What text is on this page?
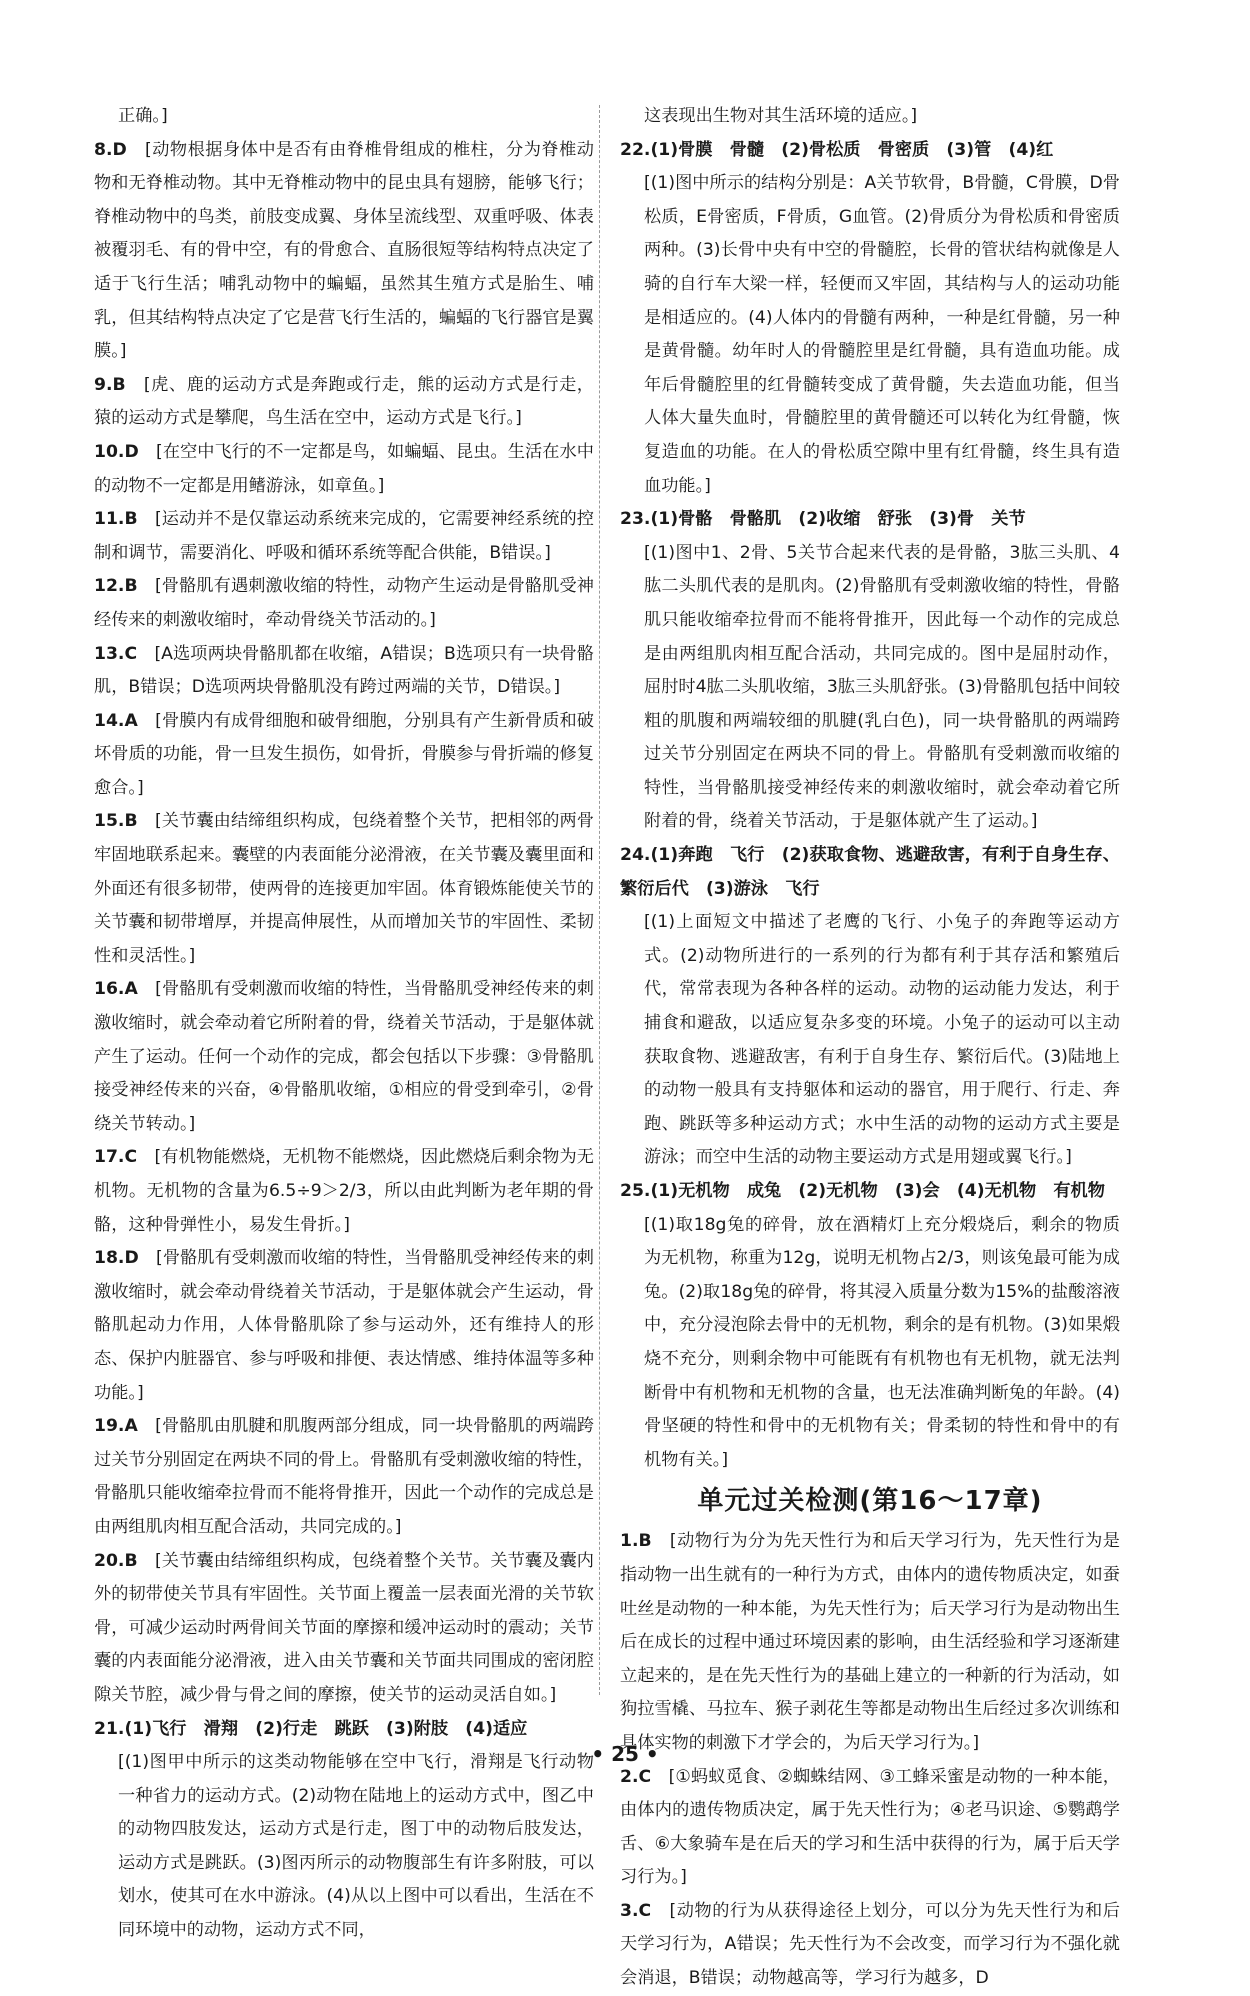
正确。]
8.D　 [动物根据身体中是否有由脊椎骨组成的椎柱，分为脊椎动物和无脊椎动物。其中无脊椎动物中的昆虫具有翅膀，能够飞行；脊椎动物中的鸟类，前肢变成翼、身体呈流线型、双重呼吸、体表被覆羽毛、有的骨中空，有的骨愈合、直肠很短等结构特点决定了适于飞行生活；哺乳动物中的蝙蝠，虽然其生殖方式是胎生、哺乳，但其结构特点决定了它是营飞行生活的，蝙蝠的飞行器官是翼膜。]
9.B　 [虎、鹿的运动方式是奔跑或行走，熊的运动方式是行走，猿的运动方式是攀爬，鸟生活在空中，运动方式是飞行。]
10.D　 [在空中飞行的不一定都是鸟，如蝙蝠、昆虫。生活在水中的动物不一定都是用鳍游泳，如章鱼。]
11.B　 [运动并不是仅靠运动系统来完成的，它需要神经系统的控制和调节，需要消化、呼吸和循环系统等配合供能，B错误。]
12.B　 [骨骼肌有遇刺激收缩的特性，动物产生运动是骨骼肌受神经传来的刺激收缩时，牵动骨绕关节活动的。]
13.C　 [A选项两块骨骼肌都在收缩，A错误；B选项只有一块骨骼肌，B错误；D选项两块骨骼肌没有跨过两端的关节，D错误。]
14.A　 [骨膜内有成骨细胞和破骨细胞，分别具有产生新骨质和破坏骨质的功能，骨一旦发生损伤，如骨折，骨膜参与骨折端的修复愈合。]
15.B　 [关节囊由结缔组织构成，包绕着整个关节，把相邻的两骨牢固地联系起来。囊壁的内表面能分泌滑液，在关节囊及囊里面和外面还有很多韧带，使两骨的连接更加牢固。体育锻炼能使关节的关节囊和韧带增厚，并提高伸展性，从而增加关节的牢固性、柔韧性和灵活性。]
16.A　 [骨骼肌有受刺激而收缩的特性，当骨骼肌受神经传来的刺激收缩时，就会牵动着它所附着的骨，绕着关节活动，于是躯体就产生了运动。任何一个动作的完成，都会包括以下步骤：③骨骼肌接受神经传来的兴奋，④骨骼肌收缩，①相应的骨受到牵引，②骨绕关节转动。]
17.C　 [有机物能燃烧，无机物不能燃烧，因此燃烧后剩余物为无机物。无机物的含量为6.5÷9＞2/3，所以由此判断为老年期的骨骼，这种骨弹性小，易发生骨折。]
18.D　 [骨骼肌有受刺激而收缩的特性，当骨骼肌受神经传来的刺激收缩时，就会牵动骨绕着关节活动，于是躯体就会产生运动，骨骼肌起动力作用，人体骨骼肌除了参与运动外，还有维持人的形态、保护内脏器官、参与呼吸和排便、表达情感、维持体温等多种功能。]
19.A　 [骨骼肌由肌腱和肌腹两部分组成，同一块骨骼肌的两端跨过关节分别固定在两块不同的骨上。骨骼肌有受刺激收缩的特性，骨骼肌只能收缩牵拉骨而不能将骨推开，因此一个动作的完成总是由两组肌肉相互配合活动，共同完成的。]
20.B　 [关节囊由结缔组织构成，包绕着整个关节。关节囊及囊内外的韧带使关节具有牢固性。关节面上覆盖一层表面光滑的关节软骨，可减少运动时两骨间关节面的摩擦和缓冲运动时的震动；关节囊的内表面能分泌滑液，进入由关节囊和关节面共同围成的密闭腔隙关节腔，减少骨与骨之间的摩擦，使关节的运动灵活自如。]
21.(1)飞行　滑翔　(2)行走　跳跃　(3)附肢　(4)适应
[(1)图甲中所示的这类动物能够在空中飞行，滑翔是飞行动物一种省力的运动方式。(2)动物在陆地上的运动方式中，图乙中的动物四肢发达，运动方式是行走，图丁中的动物后肢发达，运动方式是跳跃。(3)图丙所示的动物腹部生有许多附肢，可以划水，使其可在水中游泳。(4)从以上图中可以看出，生活在不同环境中的动物，运动方式不同，
这表现出生物对其生活环境的适应。]
22.(1)骨膜　骨髓　(2)骨松质　骨密质　(3)管　(4)红
[(1)图中所示的结构分别是：A关节软骨，B骨髓，C骨膜，D骨松质，E骨密质，F骨质，G血管。(2)骨质分为骨松质和骨密质两种。(3)长骨中央有中空的骨髓腔，长骨的管状结构就像是人骑的自行车大梁一样，轻便而又牢固，其结构与人的运动功能是相适应的。(4)人体内的骨髓有两种，一种是红骨髓，另一种是黄骨髓。幼年时人的骨髓腔里是红骨髓，具有造血功能。成年后骨髓腔里的红骨髓转变成了黄骨髓，失去造血功能，但当人体大量失血时，骨髓腔里的黄骨髓还可以转化为红骨髓，恢复造血的功能。在人的骨松质空隙中里有红骨髓，终生具有造血功能。]
23.(1)骨骼　骨骼肌　(2)收缩　舒张　(3)骨　关节
[(1)图中1、2骨、5关节合起来代表的是骨骼，3肱三头肌、4肱二头肌代表的是肌肉。(2)骨骼肌有受刺激收缩的特性，骨骼肌只能收缩牵拉骨而不能将骨推开，因此每一个动作的完成总是由两组肌肉相互配合活动，共同完成的。图中是屈肘动作，屈肘时4肱二头肌收缩，3肱三头肌舒张。(3)骨骼肌包括中间较粗的肌腹和两端较细的肌腱(乳白色)，同一块骨骼肌的两端跨过关节分别固定在两块不同的骨上。骨骼肌有受刺激而收缩的特性，当骨骼肌接受神经传来的刺激收缩时，就会牵动着它所附着的骨，绕着关节活动，于是躯体就产生了运动。]
24.(1)奔跑　飞行　(2)获取食物、逃避敌害，有利于自身生存、繁衍后代　(3)游泳　飞行
[(1)上面短文中描述了老鹰的飞行、小兔子的奔跑等运动方式。(2)动物所进行的一系列的行为都有利于其存活和繁殖后代，常常表现为各种各样的运动。动物的运动能力发达，利于捕食和避敌，以适应复杂多变的环境。小兔子的运动可以主动获取食物、逃避敌害，有利于自身生存、繁衍后代。(3)陆地上的动物一般具有支持躯体和运动的器官，用于爬行、行走、奔跑、跳跃等多种运动方式；水中生活的动物的运动方式主要是游泳；而空中生活的动物主要运动方式是用翅或翼飞行。]
25.(1)无机物　成兔　(2)无机物　(3)会　(4)无机物　有机物
[(1)取18g兔的碎骨，放在酒精灯上充分煅烧后，剩余的物质为无机物，称重为12g，说明无机物占2/3，则该兔最可能为成兔。(2)取18g兔的碎骨，将其浸入质量分数为15%的盐酸溶液中，充分浸泡除去骨中的无机物，剩余的是有机物。(3)如果煅烧不充分，则剩余物中可能既有有机物也有无机物，就无法判断骨中有机物和无机物的含量，也无法准确判断兔的年龄。(4)骨坚硬的特性和骨中的无机物有关；骨柔韧的特性和骨中的有机物有关。]
单元过关检测(第16～17章)
1.B　 [动物行为分为先天性行为和后天学习行为，先天性行为是指动物一出生就有的一种行为方式，由体内的遗传物质决定，如蚕吐丝是动物的一种本能，为先天性行为；后天学习行为是动物出生后在成长的过程中通过环境因素的影响，由生活经验和学习逐渐建立起来的，是在先天性行为的基础上建立的一种新的行为活动，如狗拉雪橇、马拉车、猴子剥花生等都是动物出生后经过多次训练和具体实物的刺激下才学会的，为后天学习行为。]
2.C　 [①蚂蚁觅食、②蜘蛛结网、③工蜂采蜜是动物的一种本能，由体内的遗传物质决定，属于先天性行为；④老马识途、⑤鹦鹉学舌、⑥大象骑车是在后天的学习和生活中获得的行为，属于后天学习行为。]
3.C　 [动物的行为从获得途径上划分，可以分为先天性行为和后天学习行为，A错误；先天性行为不会改变，而学习行为不强化就会消退，B错误；动物越高等，学习行为越多，D
• 25 •
